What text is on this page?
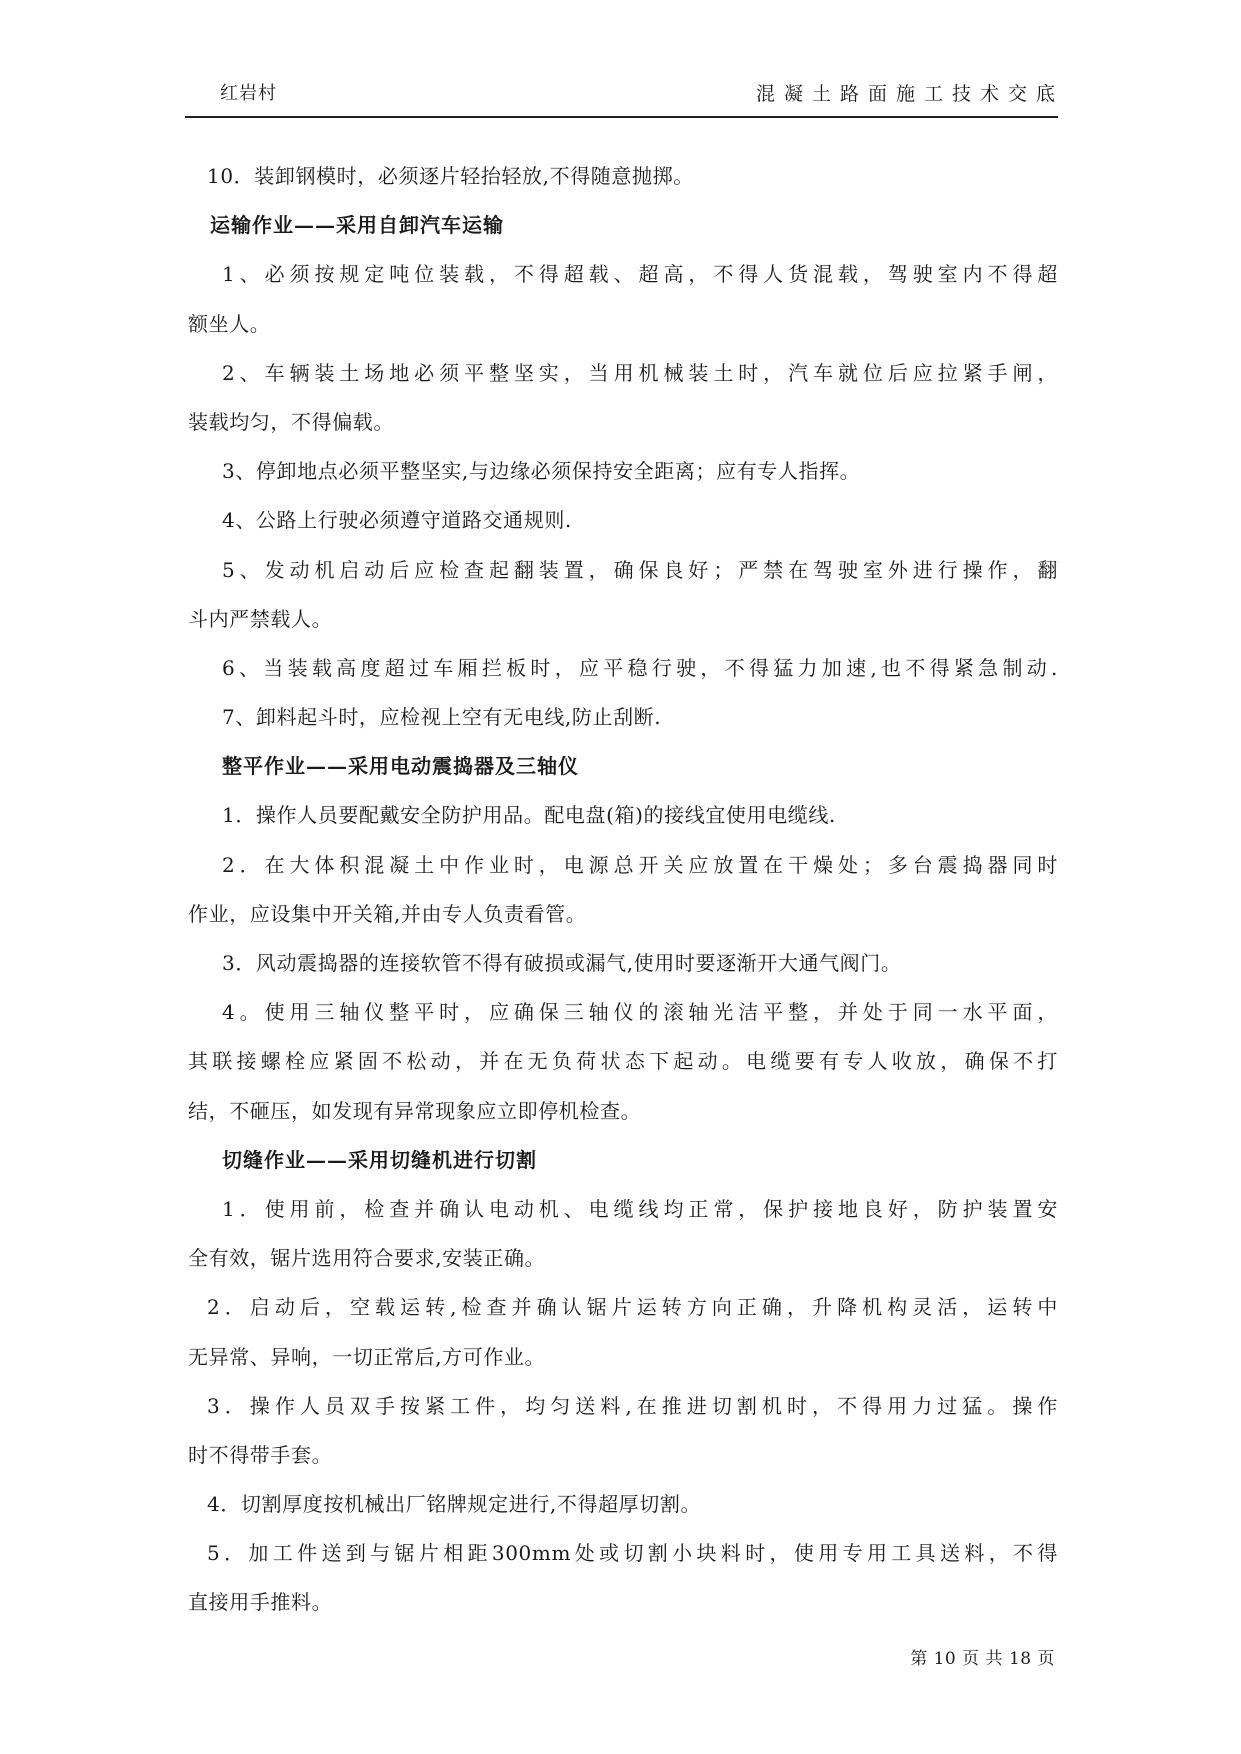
红岩村	混凝土路面施工技术交底
10．装卸钢模时，必须逐片轻抬轻放,不得随意抛掷。
运输作业——采用自卸汽车运输
1、必须按规定吨位装载，不得超载、超高，不得人货混载，驾驶室内不得超
额坐人。
2、车辆装土场地必须平整坚实，当用机械装土时，汽车就位后应拉紧手闸，
装载均匀，不得偏载。
3、停卸地点必须平整坚实,与边缘必须保持安全距离；应有专人指挥。
4、公路上行驶必须遵守道路交通规则.
5、发动机启动后应检查起翻装置，确保良好；严禁在驾驶室外进行操作，翻
斗内严禁载人。
6、当装载高度超过车厢拦板时，应平稳行驶，不得猛力加速,也不得紧急制动.
7、卸料起斗时，应检视上空有无电线,防止刮断.
整平作业——采用电动震捣器及三轴仪
1．操作人员要配戴安全防护用品。配电盘(箱)的接线宜使用电缆线.
2．在大体积混凝土中作业时，电源总开关应放置在干燥处；多台震捣器同时
作业，应设集中开关箱,并由专人负责看管。
3．风动震捣器的连接软管不得有破损或漏气,使用时要逐渐开大通气阀门。
4。使用三轴仪整平时，应确保三轴仪的滚轴光洁平整，并处于同一水平面，
其联接螺栓应紧固不松动，并在无负荷状态下起动。电缆要有专人收放，确保不打
结，不砸压，如发现有异常现象应立即停机检查。
切缝作业——采用切缝机进行切割
1．使用前，检查并确认电动机、电缆线均正常，保护接地良好，防护装置安
全有效，锯片选用符合要求,安装正确。
2．启动后，空载运转,检查并确认锯片运转方向正确，升降机构灵活，运转中
无异常、异响，一切正常后,方可作业。
3．操作人员双手按紧工件，均匀送料,在推进切割机时，不得用力过猛。操作
时不得带手套。
4．切割厚度按机械出厂铭牌规定进行,不得超厚切割。
5．加工件送到与锯片相距300mm处或切割小块料时，使用专用工具送料，不得
直接用手推料。
第 10 页 共 18 页
